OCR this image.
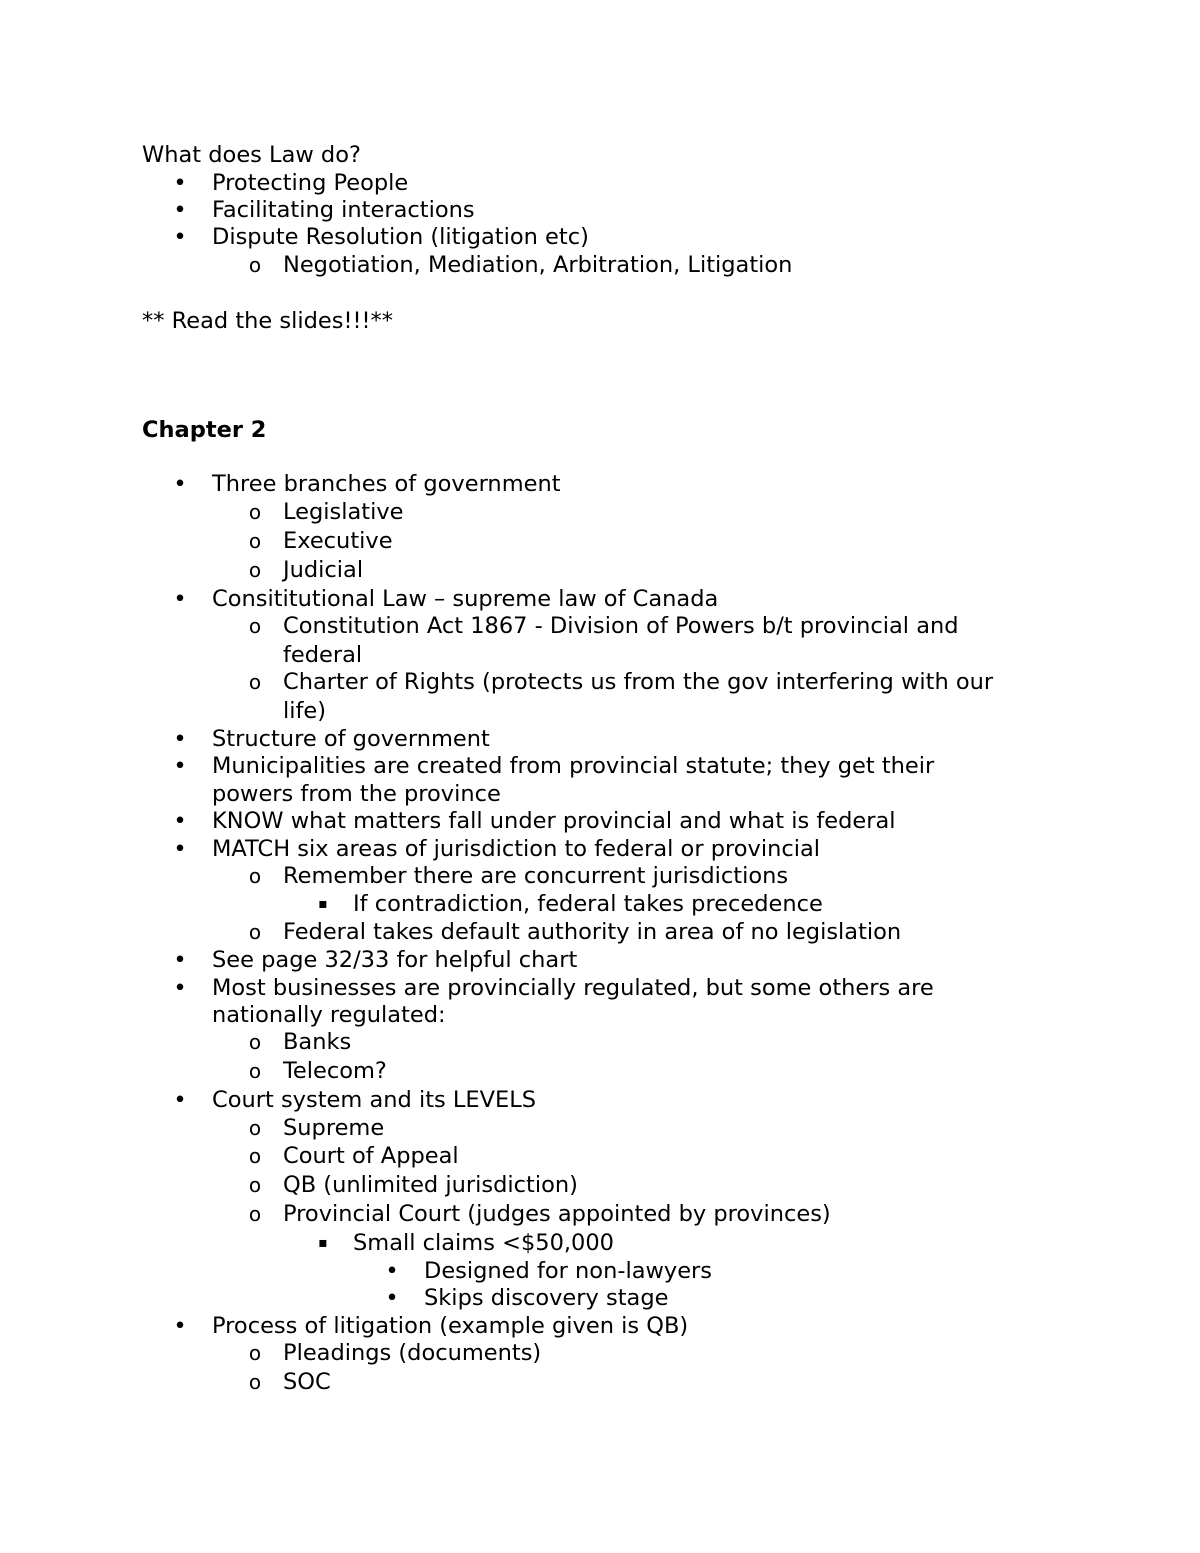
What does Law do?
• Protecting People
• Facilitating interactions
• Dispute Resolution (litigation etc)
o Negotiation, Mediation, Arbitration, Litigation
** Read the slides!!!**
Chapter 2
• Three branches of government
o Legislative
o Executive
o Judicial
• Consititutional Law – supreme law of Canada
o Constitution Act 1867 - Division of Powers b/t provincial and
federal
o Charter of Rights (protects us from the gov interfering with our
life)
• Structure of government
• Municipalities are created from provincial statute; they get their
powers from the province
• KNOW what matters fall under provincial and what is federal
• MATCH six areas of jurisdiction to federal or provincial
o Remember there are concurrent jurisdictions
▪ If contradiction, federal takes precedence
o Federal takes default authority in area of no legislation
• See page 32/33 for helpful chart
• Most businesses are provincially regulated, but some others are
nationally regulated:
o Banks
o Telecom?
• Court system and its LEVELS
o Supreme
o Court of Appeal
o QB (unlimited jurisdiction)
o Provincial Court (judges appointed by provinces)
▪ Small claims <$50,000
• Designed for non-lawyers
• Skips discovery stage
• Process of litigation (example given is QB)
o Pleadings (documents)
o SOC
